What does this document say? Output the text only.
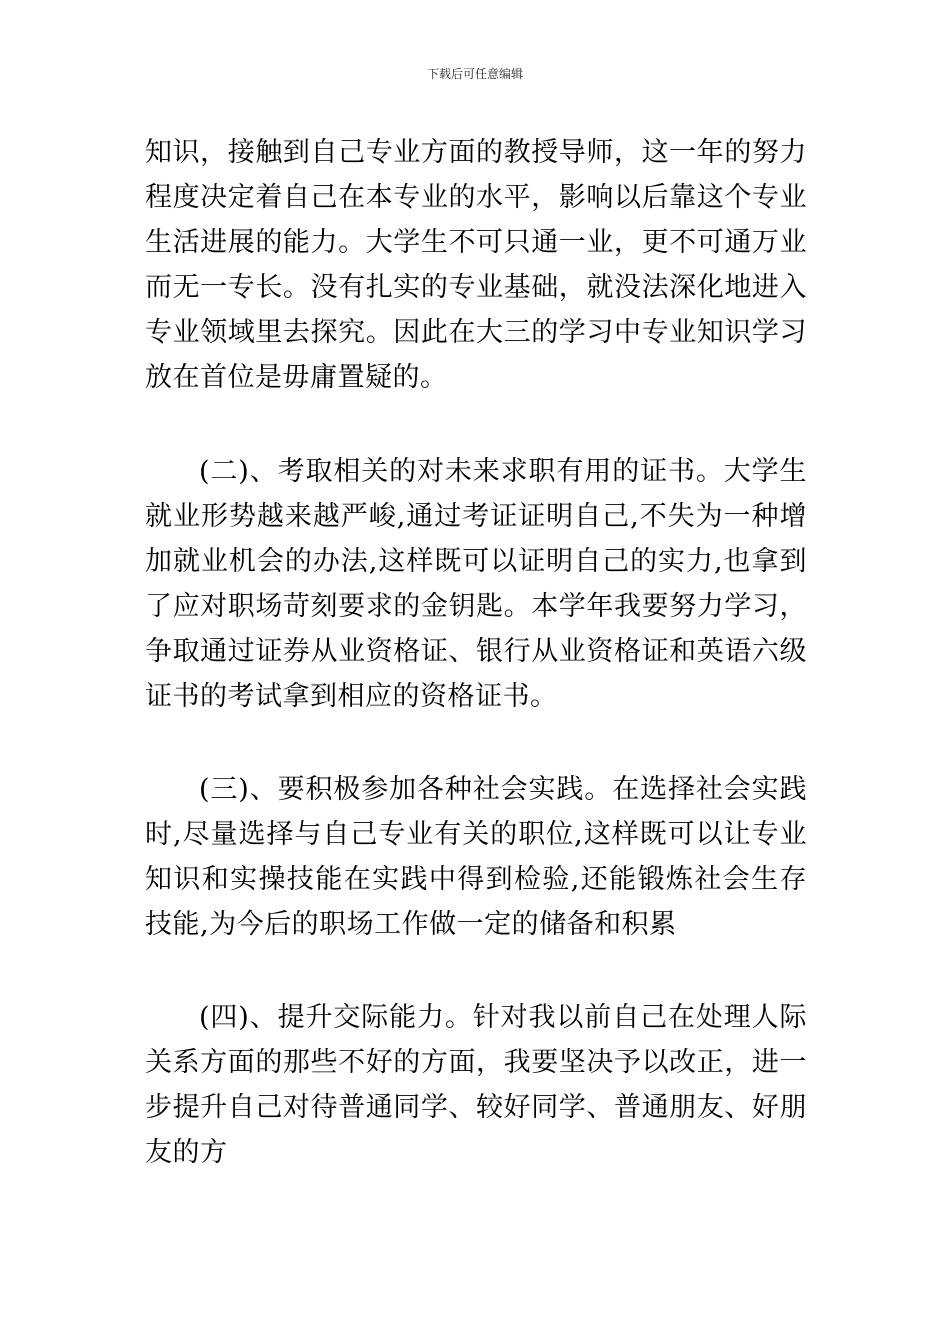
下载后可任意编辑

知识，接触到自己专业方面的教授导师，这一年的努力程度决定着自己在本专业的水平，影响以后靠这个专业生活进展的能力。大学生不可只通一业，更不可通万业而无一专长。没有扎实的专业基础，就没法深化地进入专业领域里去探究。因此在大三的学习中专业知识学习放在首位是毋庸置疑的。

(二)、考取相关的对未来求职有用的证书。大学生就业形势越来越严峻,通过考证证明自己,不失为一种增加就业机会的办法,这样既可以证明自己的实力,也拿到了应对职场苛刻要求的金钥匙。本学年我要努力学习，争取通过证券从业资格证、银行从业资格证和英语六级证书的考试拿到相应的资格证书。

(三)、要积极参加各种社会实践。在选择社会实践时,尽量选择与自己专业有关的职位,这样既可以让专业知识和实操技能在实践中得到检验,还能锻炼社会生存技能,为今后的职场工作做一定的储备和积累

(四)、提升交际能力。针对我以前自己在处理人际关系方面的那些不好的方面，我要坚决予以改正，进一步提升自己对待普通同学、较好同学、普通朋友、好朋友的方
